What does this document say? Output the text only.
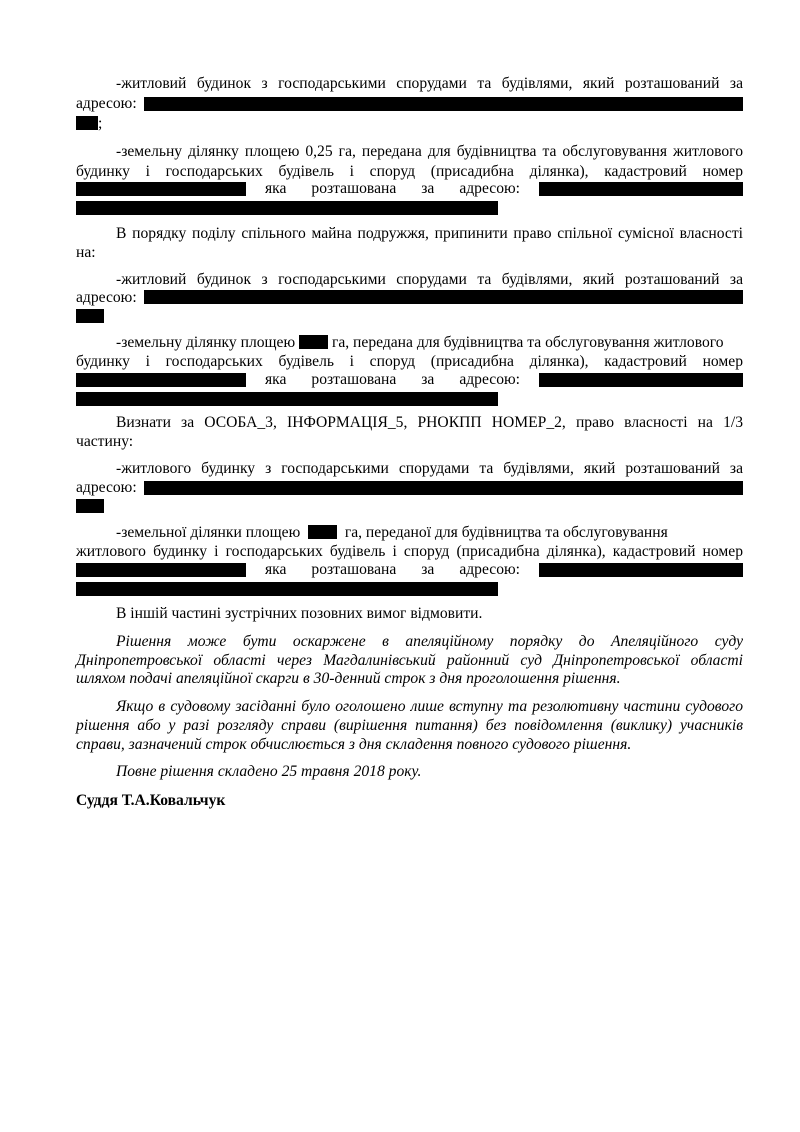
-житловий будинок з господарськими спорудами та будівлями, який розташований за
адресою:
;
-земельну ділянку площею 0,25 га, передана для будівництва та обслуговування житлового
будинку і господарських будівель і споруд (присадибна ділянка), кадастровий номер
яка розташована за адресою:
В порядку поділу спільного майна подружжя, припинити право спільної сумісної власності
на:
-житловий будинок з господарськими спорудами та будівлями, який розташований за
адресою:
-земельну ділянку площею га, передана для будівництва та обслуговування житлового
будинку і господарських будівель і споруд (присадибна ділянка), кадастровий номер
яка розташована за адресою:
Визнати за ОСОБА_3, ІНФОРМАЦІЯ_5, РНОКПП НОМЕР_2, право власності на 1/3
частину:
-житлового будинку з господарськими спорудами та будівлями, який розташований за
адресою:
-земельної ділянки площею	га, переданої для будівництва та обслуговування
житлового будинку і господарських будівель і споруд (присадибна ділянка), кадастровий номер
яка розташована за адресою:
В іншій частині зустрічних позовних вимог відмовити.
Рішення може бути оскаржене в апеляційному порядку до Апеляційного суду
Дніпропетровської області через Магдалинівський районний суд Дніпропетровської області
шляхом подачі апеляційної скарги в 30-денний строк з дня проголошення рішення.
Якщо в судовому засіданні було оголошено лише вступну та резолютивну частини судового
рішення або у разі розгляду справи (вирішення питання) без повідомлення (виклику) учасників
справи, зазначений строк обчислюється з дня складення повного судового рішення.
Повне рішення складено 25 травня 2018 року.
Суддя Т.А.Ковальчук
